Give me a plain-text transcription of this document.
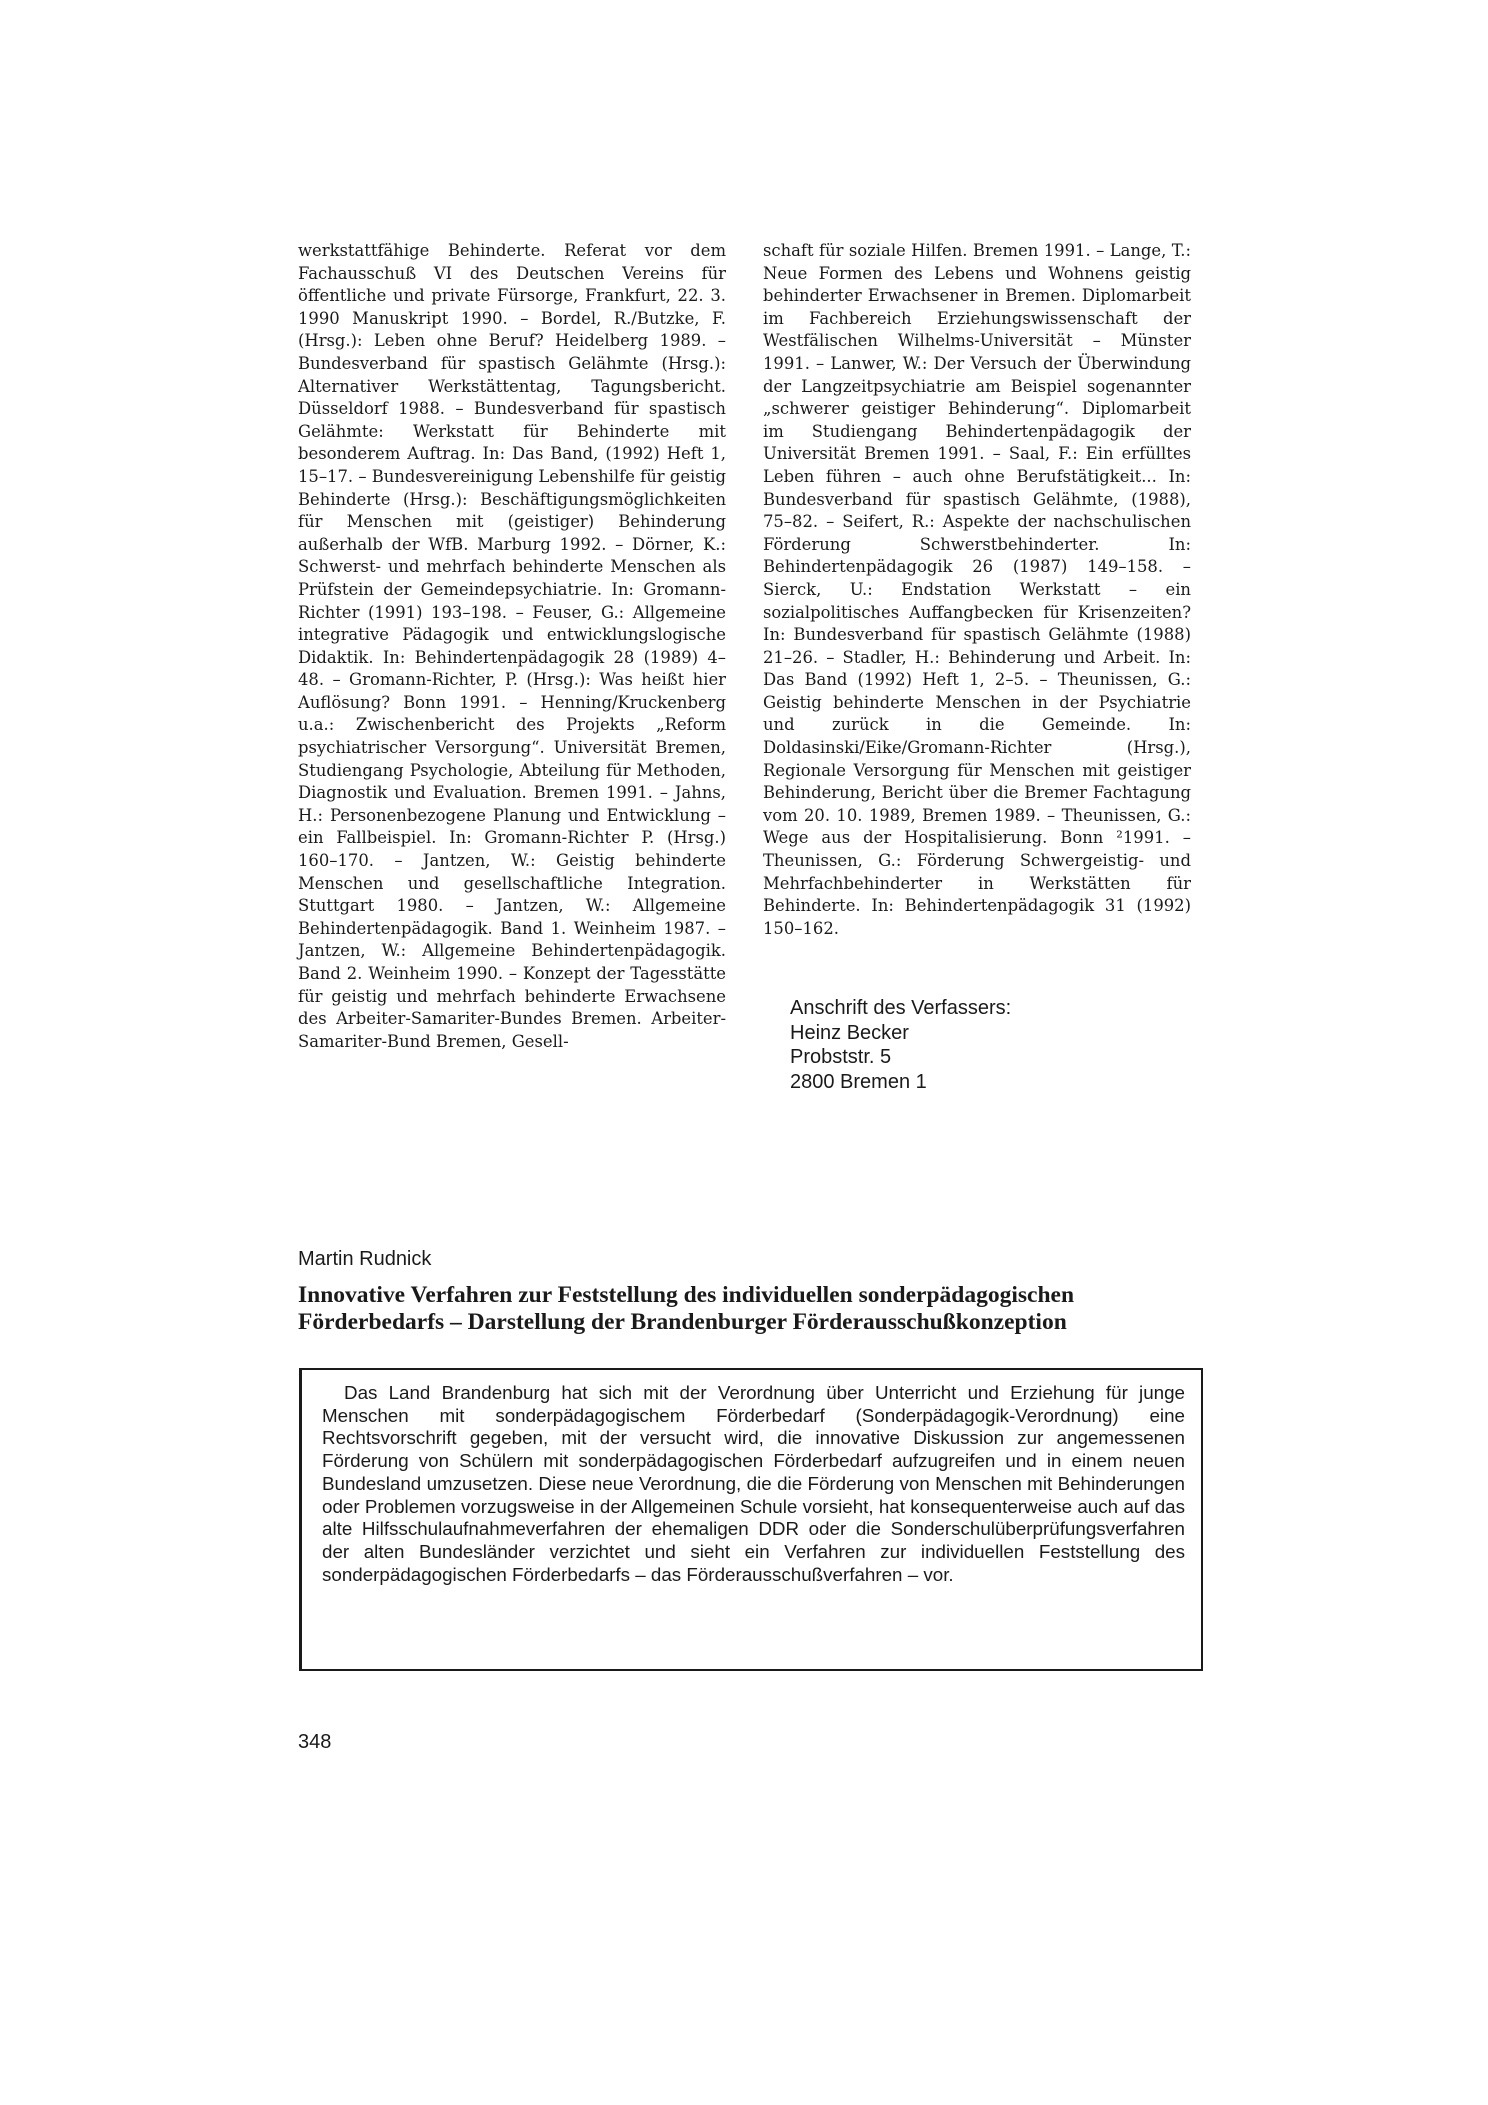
werkstattfähige Behinderte. Referat vor dem Fachausschuß VI des Deutschen Vereins für öffentliche und private Fürsorge, Frankfurt, 22. 3. 1990 Manuskript 1990. – Bordel, R./Butzke, F. (Hrsg.): Leben ohne Beruf? Heidelberg 1989. – Bundesverband für spastisch Gelähmte (Hrsg.): Alternativer Werkstättentag, Tagungsbericht. Düsseldorf 1988. – Bundesverband für spastisch Gelähmte: Werkstatt für Behinderte mit besonderem Auftrag. In: Das Band, (1992) Heft 1, 15–17. – Bundesvereinigung Lebenshilfe für geistig Behinderte (Hrsg.): Beschäftigungsmöglichkeiten für Menschen mit (geistiger) Behinderung außerhalb der WfB. Marburg 1992. – Dörner, K.: Schwerst- und mehrfach behinderte Menschen als Prüfstein der Gemeindepsychiatrie. In: Gromann-Richter (1991) 193–198. – Feuser, G.: Allgemeine integrative Pädagogik und entwicklungslogische Didaktik. In: Behindertenpädagogik 28 (1989) 4–48. – Gromann-Richter, P. (Hrsg.): Was heißt hier Auflösung? Bonn 1991. – Henning/Kruckenberg u.a.: Zwischenbericht des Projekts „Reform psychiatrischer Versorgung“. Universität Bremen, Studiengang Psychologie, Abteilung für Methoden, Diagnostik und Evaluation. Bremen 1991. – Jahns, H.: Personenbezogene Planung und Entwicklung – ein Fallbeispiel. In: Gromann-Richter P. (Hrsg.) 160–170. – Jantzen, W.: Geistig behinderte Menschen und gesellschaftliche Integration. Stuttgart 1980. – Jantzen, W.: Allgemeine Behindertenpädagogik. Band 1. Weinheim 1987. – Jantzen, W.: Allgemeine Behindertenpädagogik. Band 2. Weinheim 1990. – Konzept der Tagesstätte für geistig und mehrfach behinderte Erwachsene des Arbeiter-Samariter-Bundes Bremen. Arbeiter-Samariter-Bund Bremen, Gesell-

schaft für soziale Hilfen. Bremen 1991. – Lange, T.: Neue Formen des Lebens und Wohnens geistig behinderter Erwachsener in Bremen. Diplomarbeit im Fachbereich Erziehungswissenschaft der Westfälischen Wilhelms-Universität – Münster 1991. – Lanwer, W.: Der Versuch der Überwindung der Langzeitpsychiatrie am Beispiel sogenannter „schwerer geistiger Behinderung“. Diplomarbeit im Studiengang Behindertenpädagogik der Universität Bremen 1991. – Saal, F.: Ein erfülltes Leben führen – auch ohne Berufstätigkeit... In: Bundesverband für spastisch Gelähmte, (1988), 75–82. – Seifert, R.: Aspekte der nachschulischen Förderung Schwerstbehinderter. In: Behindertenpädagogik 26 (1987) 149–158. – Sierck, U.: Endstation Werkstatt – ein sozialpolitisches Auffangbecken für Krisenzeiten? In: Bundesverband für spastisch Gelähmte (1988) 21–26. – Stadler, H.: Behinderung und Arbeit. In: Das Band (1992) Heft 1, 2–5. – Theunissen, G.: Geistig behinderte Menschen in der Psychiatrie und zurück in die Gemeinde. In: Doldasinski/Eike/Gromann-Richter (Hrsg.), Regionale Versorgung für Menschen mit geistiger Behinderung, Bericht über die Bremer Fachtagung vom 20. 10. 1989, Bremen 1989. – Theunissen, G.: Wege aus der Hospitalisierung. Bonn ²1991. – Theunissen, G.: Förderung Schwergeistig- und Mehrfachbehinderter in Werkstätten für Behinderte. In: Behindertenpädagogik 31 (1992) 150–162.

Anschrift des Verfassers:
Heinz Becker
Probststr. 5
2800 Bremen 1
Martin Rudnick
Innovative Verfahren zur Feststellung des individuellen sonderpädagogischen
Förderbedarfs – Darstellung der Brandenburger Förderausschußkonzeption

Das Land Brandenburg hat sich mit der Verordnung über Unterricht und Erziehung für junge Menschen mit sonderpädagogischem Förderbedarf (Sonderpädagogik-Verordnung) eine Rechtsvorschrift gegeben, mit der versucht wird, die innovative Diskussion zur angemessenen Förderung von Schülern mit sonderpädagogischen Förderbedarf aufzugreifen und in einem neuen Bundesland umzusetzen. Diese neue Verordnung, die die Förderung von Menschen mit Behinderungen oder Problemen vorzugsweise in der Allgemeinen Schule vorsieht, hat konsequenterweise auch auf das alte Hilfsschulaufnahmeverfahren der ehemaligen DDR oder die Sonderschulüberprüfungsverfahren der alten Bundesländer verzichtet und sieht ein Verfahren zur individuellen Feststellung des sonderpädagogischen Förderbedarfs – das Förderausschußverfahren – vor.

348
